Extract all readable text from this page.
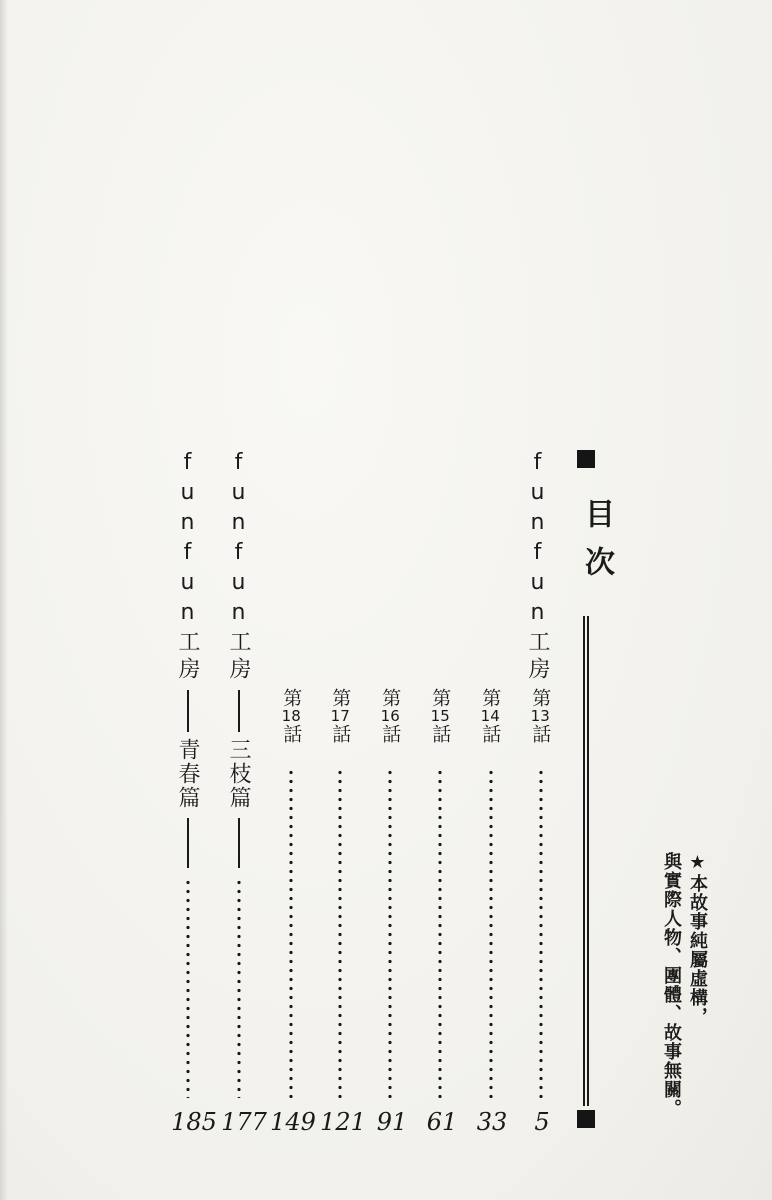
目次
funfun工房
第13話
5
第14話
33
第15話
61
第16話
91
第17話
121
第18話
149
funfun工房
三枝篇
177
funfun工房
青春篇
185
★本故事純屬虛構，
與實際人物、團體、故事無關。
